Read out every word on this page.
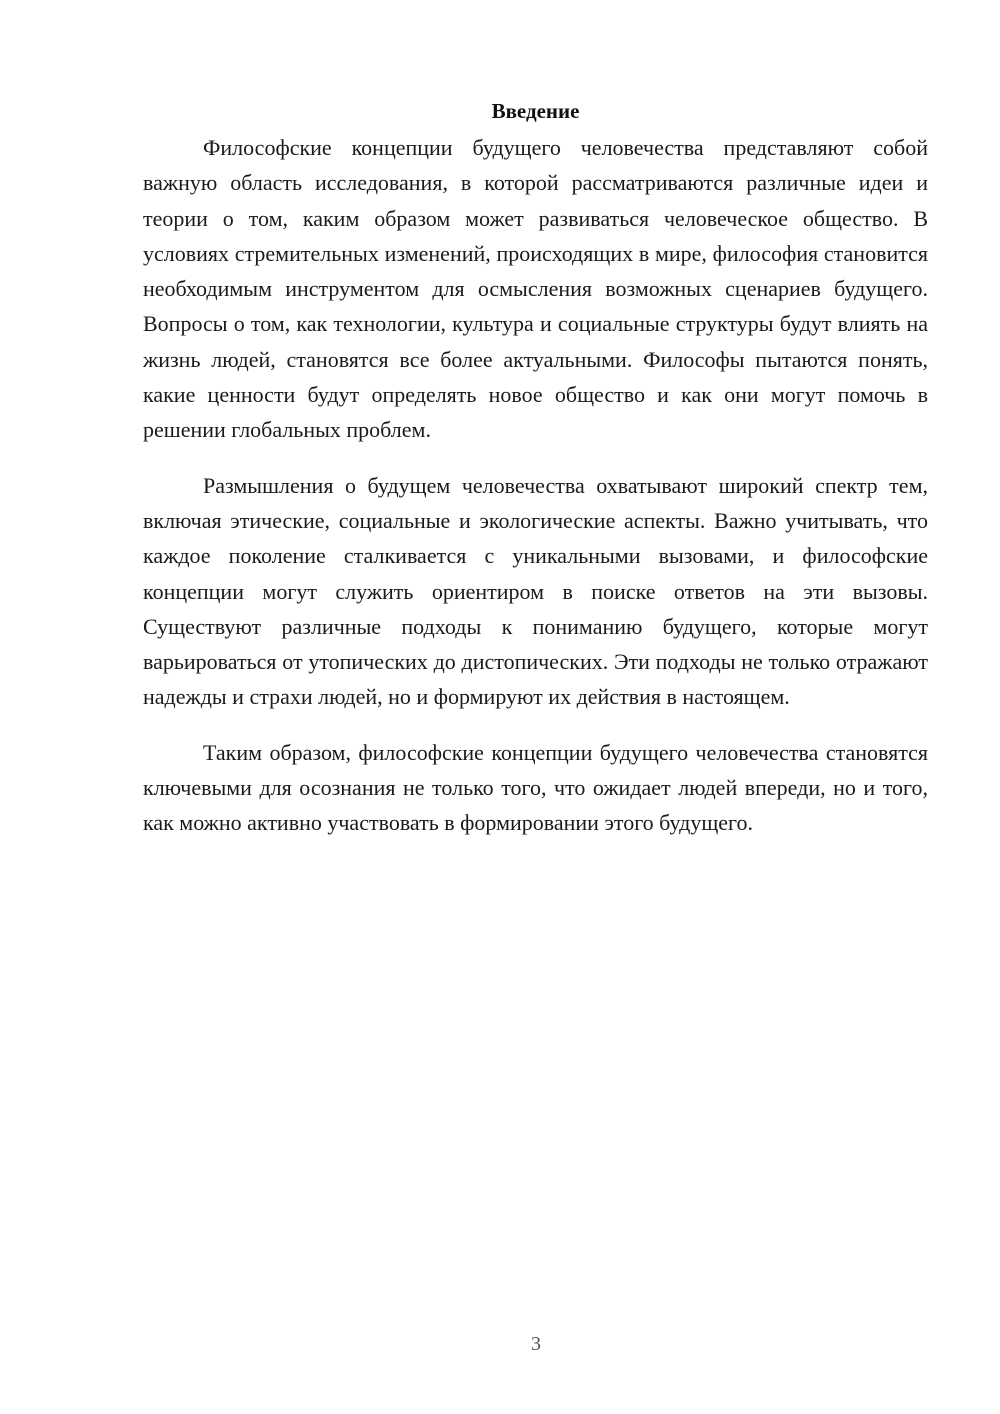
Введение

Философские концепции будущего человечества представляют собой важную область исследования, в которой рассматриваются различные идеи и теории о том, каким образом может развиваться человеческое общество. В условиях стремительных изменений, происходящих в мире, философия становится необходимым инструментом для осмысления возможных сценариев будущего. Вопросы о том, как технологии, культура и социальные структуры будут влиять на жизнь людей, становятся все более актуальными. Философы пытаются понять, какие ценности будут определять новое общество и как они могут помочь в решении глобальных проблем.

Размышления о будущем человечества охватывают широкий спектр тем, включая этические, социальные и экологические аспекты. Важно учитывать, что каждое поколение сталкивается с уникальными вызовами, и философские концепции могут служить ориентиром в поиске ответов на эти вызовы. Существуют различные подходы к пониманию будущего, которые могут варьироваться от утопических до дистопических. Эти подходы не только отражают надежды и страхи людей, но и формируют их действия в настоящем.

Таким образом, философские концепции будущего человечества становятся ключевыми для осознания не только того, что ожидает людей впереди, но и того, как можно активно участвовать в формировании этого будущего.

3
